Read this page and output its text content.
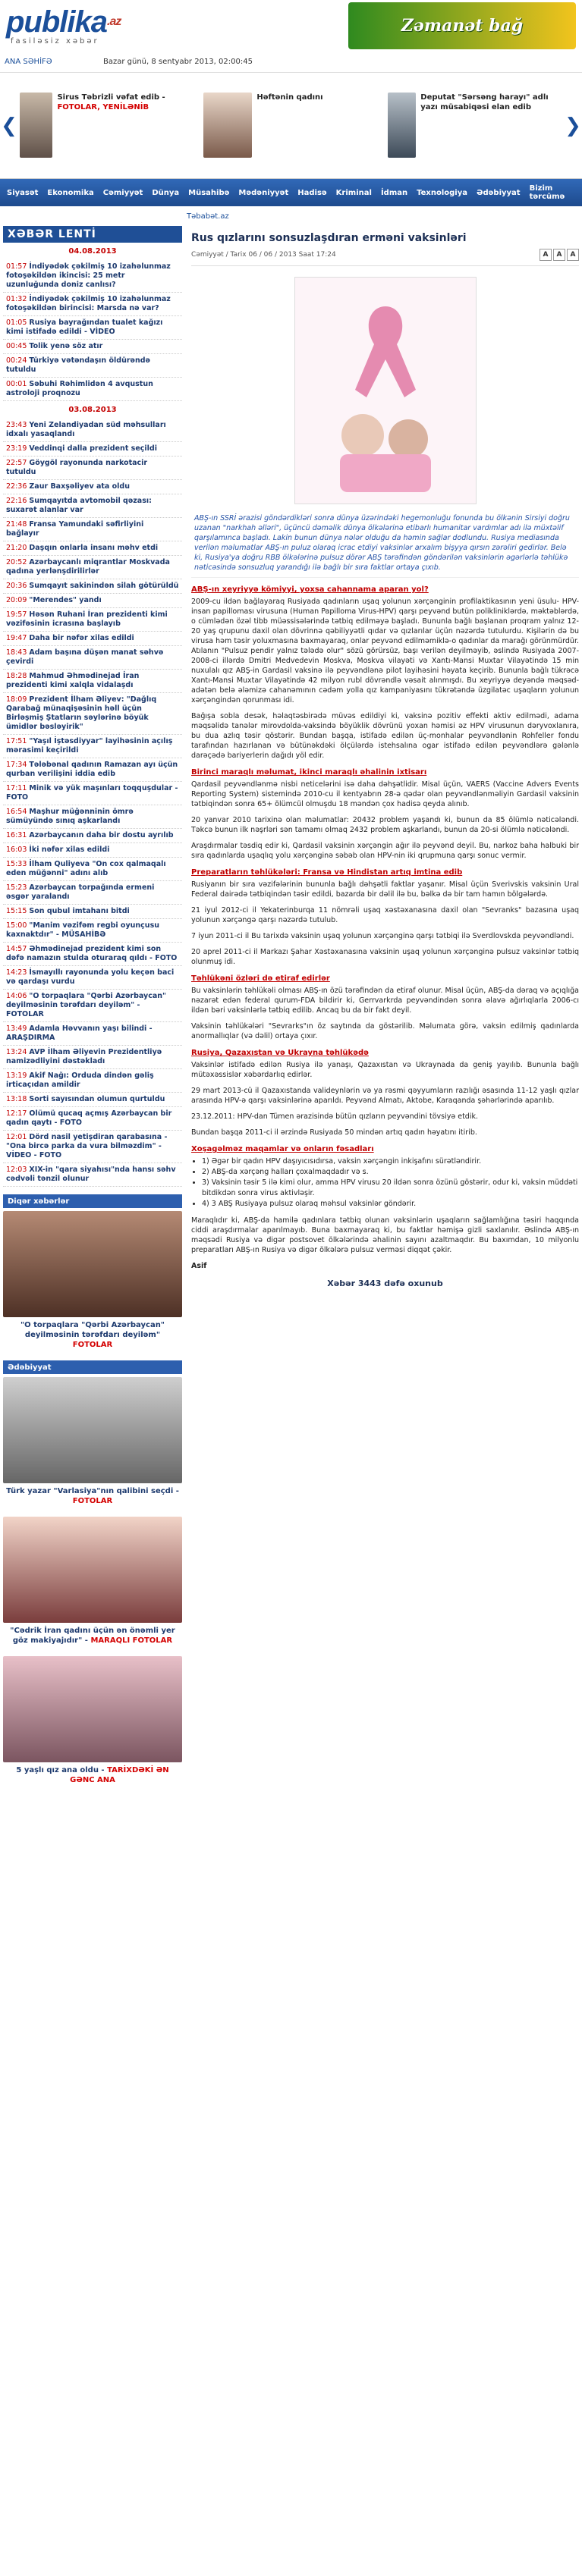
publika$^{.az}$
fasiləsiz xəbər
Zəmanət bağ
ANA SƏHİFƏ	Bazar günü, 8 sentyabr 2013, 02:00:45
❮
Sirus Təbrizli vəfat edib - FOTOLAR, YENİLƏNİB
Həftənin qadını	Deputat "Sərsəng harayı" adlı yazı müsabiqəsi elan edib
❯
Siyasət	Ekonomika	Cəmiyyət	Dünya	Müsahibə	Mədəniyyət	Hadisə	Kriminal	İdman	Texnologiya	Ədəbiyyat	Bizim tərcümə
Təbabət.az
XƏBƏR LENTİ
04.08.2013
01:57 İndiyədək çəkilmiş 10 izahəlunmaz fotoşəkildən ikincisi: 25 metr uzunluğunda doniz canlısı?
01:32 İndiyədək çəkilmiş 10 izahəlunmaz fotoşəkildən birincisi: Marsda nə var?
01:05 Rusiya bayrağından tualet kağızı kimi istifadə edildi - VİDEO
00:45 Tolik yenə söz atır
00:24 Türkiyə vətəndaşın öldürəndə tutuldu
00:01 Səbuhi Rəhimlidən 4 avqustun astroloji proqnozu
03.08.2013
23:43 Yeni Zelandiyadan süd məhsulları idxalı yasaqlandı
23:19 Veddinqi dalla prezident seçildi
22:57 Göygöl rayonunda narkotacir tutuldu
22:36 Zaur Baxşəliyev ata oldu
22:16 Sumqayıtda avtomobil qəzası: suxarət alanlar var
21:48 Fransa Yamundaki səfirliyini bağlayır
21:20 Daşqın onlarla insanı məhv etdi
20:52 Azərbaycanlı miqrantlar Moskvada qadına yerlənşdirilirlər
20:36 Sumqayıt sakinindən silah götürüldü
20:09 "Merendes" yandı
19:57 Həsən Ruhani İran prezidenti kimi vəzifəsinin icrasına başlayıb
19:47 Daha bir nəfər xilas edildi
18:43 Adam başına düşən manat səhvə çevirdi
18:28 Mahmud Əhmədinejad İran prezidenti kimi xalqla vidalaşdı
18:09 Prezident İlham Əliyev: "Dağlıq Qarabağ münaqişəsinin həll üçün Birləşmiş Ştatların səylərinə böyük ümidlər bəsləyirik"
17:51 "Yaşıl İştəsdiyyar" layihəsinin açılış mərasimi keçirildi
17:34 Tələbənal qadının Ramazan ayı üçün qurban verilişini iddia edib
17:11 Minik və yük maşınları toqquşdular - FOTO
16:54 Maşhur müğənninin ömrə sümüyündə sınıq aşkarlandı
16:31 Azərbaycanın daha bir dostu ayrılıb
16:03 İki nəfər xilas edildi
15:33 İlham Quliyeva "On cox qalmaqalı eden müğənni" adını alıb
15:23 Azərbaycan torpağında ermeni əsgər yaralandı
15:15 Son qubul imtahanı bitdi
15:00 "Manim vəzifəm regbi oyunçusu kaxnaktdır" - MÜSAHİBƏ
14:57 Əhmədinejad prezident kimi son dəfə namazın stulda oturaraq qıldı - FOTO
14:23 İsmayıllı rayonunda yolu keçən baci və qardaşı vurdu
14:06 "O torpaqlara "Qərbi Azərbaycan" deyilməsinin tərəfdarı deyiləm" - FOTOLAR
13:49 Adamla Həvvanın yaşı bilindi - ARAŞDIRMA
13:24 AVP İlham Əliyevin Prezidentliyə namizədliyini dəstəkladı
13:19 Akif Nağı: Orduda dindən gəliş irticaçıdan amildir
13:18 Sorti sayısından olumun qurtuldu
12:17 Olümü qucaq açmış Azərbaycan bir qadın qaytı - FOTO
12:01 Dörd nasil yetişdiran qarabasına - "Ona bircə parka da vura bilməzdim" - VİDEO - FOTO
12:03 XIX-in "qara siyahısı"nda hansı səhv cədvəli tənzil olunur
Diqər xəbərlər
"O torpaqlara "Qərbi Azərbaycan" deyilməsinin tərəfdarı deyiləm" FOTOLAR
Ədəbiyyat
Türk yazar "Varlasiya"nın qalibini seçdi - FOTOLAR
"Cədrik İran qadını üçün ən önəmli yer göz makiyajıdır" - MARAQLI FOTOLAR
5 yaşlı qız ana oldu - TARİXDƏKİ ƏN GƏNC ANA
Rus qızlarını sonsuzlaşdıran erməni vaksinləri
Cəmiyyət / Tarix 06 / 06 / 2013 Saat 17:24	A	A	A

ABŞ-ın SSRİ ərazisi göndərdikləri sonra dünya üzərindəki hegemonluğu fonunda bu ölkənin Sirsiyi doğru uzanan "narkhah əlləri", üçüncü dəməlik dünya ölkələrinə etibarlı humanitar vardımlar adı ilə müxtəlif qarşılamınca başladı. Lakin bunun dünya nələr olduğu da həmin sağlar dodlundu. Rusiya mediasında verilən məlumatlar ABŞ-ın puluz olaraq icrac etdiyi vaksinlər arxalım bişyya qırsın zərəliri gedirlər. Belə ki, Rusiya'ya doğru RBB ölkələrinə pulsuz dörər ABŞ tərəfindən göndərilən vaksinlərin əgərlərlə təhlükə nəticəsində sonsuzluq yarandığı ilə bağlı bir sıra faktlar ortaya çıxıb.

ABŞ-ın xeyriyyə kömiyyi, yoxsa cahannama aparan yol?

2009-cu ildən bağlayaraq Rusiyada qadınların uşaq yolunun xərçənginin profilaktikasının yeni üsulu- HPV- insan papilloması virusuna (Human Papilloma Virus-HPV) qarşı peyvənd butün polikliniklərdə, məktəblərdə, o cümlədən özəl tibb müəssisələrində tətbiq edilməyə başladı. Bununla bağlı başlanan proqram yalnız 12-20 yaş qrupunu daxil olan dövrinnə qəbiliyyətli qıdar və qızlarılar üçün nəzərdə tutulurdu. Kişilərin də bu virusa həm təsir yoluxmasına baxmayaraq, onlar peyvənd edilməmiklə-o qadınlar da marağı görünmürdür. Atılanın "Pulsuz pendir yalnız tələdə olur" sözü görürsüz, başı verilən deyilməyib, əslində Rusiyada 2007-2008-ci illərdə Dmitri Medvedevin Moskva, Moskva vilayəti və Xantı-Mansi Muxtar Vilayətində 15 min nuxulalı qız ABŞ-in Gardasil vaksinə ilə peyvəndlənə pilot layihəsini həyata keçirib. Bununla bağlı tükrəcə Xantı-Mansi Muxtar Vilayətində 42 milyon rubl dövrəndlə vəsait alınmışdı. Bu xeyriyyə deyəndə məqsəd- adətən belə ələmizə cahanəmının cədəm yolla qız kampaniyasını tükrətəndə üzgilatəc uşaqların yolunun xərçəngindən qorunması idi.

Bağışa sobla desək, həlaqtəsbirədə müvəs edildiyi ki, vaksinə pozitiv effekti aktiv edilmədi, adama məqsəlidə tanələr mirovdolda-vaksində böyüklik dövrünü yoxan həmisi əz HPV virusunun dəryvoxlanıra, bu dua azlıq təsir qöstərir. Bundan başqa, istifadə edilən üç-monhalar peyvəndlənin Rohfeller fondu tarafından hazırlanan və bütünəkdəki ölçülərdə istehsalına ogar istifadə edilən peyvəndlərə gələnlə darəçədə bariyerlerin dağıdı yöl edir.

Birinci maraqlı məlumat, ikinci maraqlı əhalinin ixtisarı

Qardasil peyvəndlənmə nisbi neticelərini isə daha dəhşətlidir. Misal üçün, VAERS (Vaccine Advers Events Reporting System) sistemində 2010-cu il kentyabrın 28-ə qədər olan peyvəndlənməliyin Gardasil vaksinin tətbiqindən sonra 65+ ölümcül olmuşdu 18 məndən çox hadisə qeyda alınıb.

20 yanvar 2010 tarixinə olan məlumatlar: 20432 problem yaşandı ki, bunun da 85 ölümlə nəticələndi. Təkcə bunun ilk nəşrləri sən tamamı olmaq 2432 problem aşkarlandı, bunun da 20-si ölümlə nəticələndi.

Araşdırmalar təsdiq edir ki, Qardasil vaksinin xərçəngin ağır ilə peyvənd deyil. Bu, narkoz baha halbuki bir sıra qadınlarda uşaqlıq yolu xərçənginə səbəb olan HPV-nin iki qrupmuna qarşı sonuc vermir.

Preparatların təhlükələri: Fransa və Hindistan artıq imtina edib

Rusiyanın bir sıra vəzifələrinin bununla bağlı dəhşətli faktlar yaşanır. Misal üçün Sverivskis vaksinin Ural Federal dairədə tətbiqindən təsir edildi, bazarda bir dəlil ilə bu, bəlkə də bir tam hamın bölgələrdə.

21 iyul 2012-ci il Yekaterinburqa 11 nömrəli uşaq xəstəxanasına daxil olan "Sevranks" bazasına uşaq yolunun xərçəngə qarşı nəzərdə tutulub.

7 iyun 2011-ci il Bu tarixdə vaksinin uşaq yolunun xərçənginə qarşı tətbiqi ilə Sverdlovskda peyvəndləndi.

20 aprel 2011-ci il Markazı Şahar Xəstəxanasına vaksinin uşaq yolunun xərçənginə pulsuz vaksinlər tətbiq olunmuş idi.

Təhlükəni özləri də etiraf edirlər

Bu vaksinlərin təhlükəli olması ABŞ-ın özü tərəfindən da etiraf olunur. Misal üçün, ABŞ-da dəraq və açıqlığa nəzarət edən federal qurum-FDA bildirir ki, Gerrvarkrda peyvəndindən sonra əlavə ağırlıqlarla 2006-cı ildən bəri vaksinlərlə tətbiq edilib. Ancaq bu da bir fakt deyil.

Vaksinin təhlükələri "Sevrarks"ın öz saytında da göstərilib. Məlumata görə, vaksin edilmiş qadınlarda anormallıqlar (və dəlil) ortaya çıxır.

Rusiya, Qazaxıstan və Ukrayna təhlükədə

Vaksinlər istifadə edilən Rusiya ilə yanaşı, Qazaxıstan və Ukraynada da geniş yayılıb. Bununla bağlı mütəxəssislər xəbərdarlıq edirlər.

29 mart 2013-cü il Qazaxıstanda valideynlərin və ya rəsmi qəyyumların razılığı əsasında 11-12 yaşlı qızlar arasında HPV-ə qarşı vaksinlərinə aparıldı. Peyvənd Almatı, Aktobe, Karaqanda şəhərlərində aparılıb.

23.12.2011: HPV-dan Tümen ərazisində bütün qızların peyvəndini tövsiyə etdik.

Bundan başqa 2011-ci il ərzində Rusiyada 50 mindən artıq qadın həyatını itirib.

Xoşagəlməz maqamlar və onların fəsadları
• 1) Əgər bir qadın HPV daşıyıcısıdırsa, vaksin xərçəngin inkişafını sürətləndirir.
• 2) ABŞ-da xərçəng halları çoxalmaqdadır və s.
• 3) Vaksinin təsir 5 ilə kimi olur, amma HPV virusu 20 ildən sonra özünü göstərir, odur ki, vaksin müddəti bitdikdən sonra virus aktivləşir.
• 4) 3 ABŞ Rusiyaya pulsuz olaraq məhsul vaksinlər göndərir.

Maraqlıdır ki, ABŞ-da hamilə qadınlara tətbiq olunan vaksinlərin uşaqların sağlamlığına təsiri haqqında ciddi araşdırmalar aparılmayıb. Buna baxmayaraq ki, bu faktlar həmişə gizli saxlanılır. Əslində ABŞ-ın məqsədi Rusiya və digər postsovet ölkələrində əhalinin sayını azaltmaqdır. Bu baxımdan, 10 milyonlu preparatları ABŞ-ın Rusiya və digər ölkələrə pulsuz verməsi diqqət çəkir.

Asif

Xəbər 3443 dəfə oxunub
